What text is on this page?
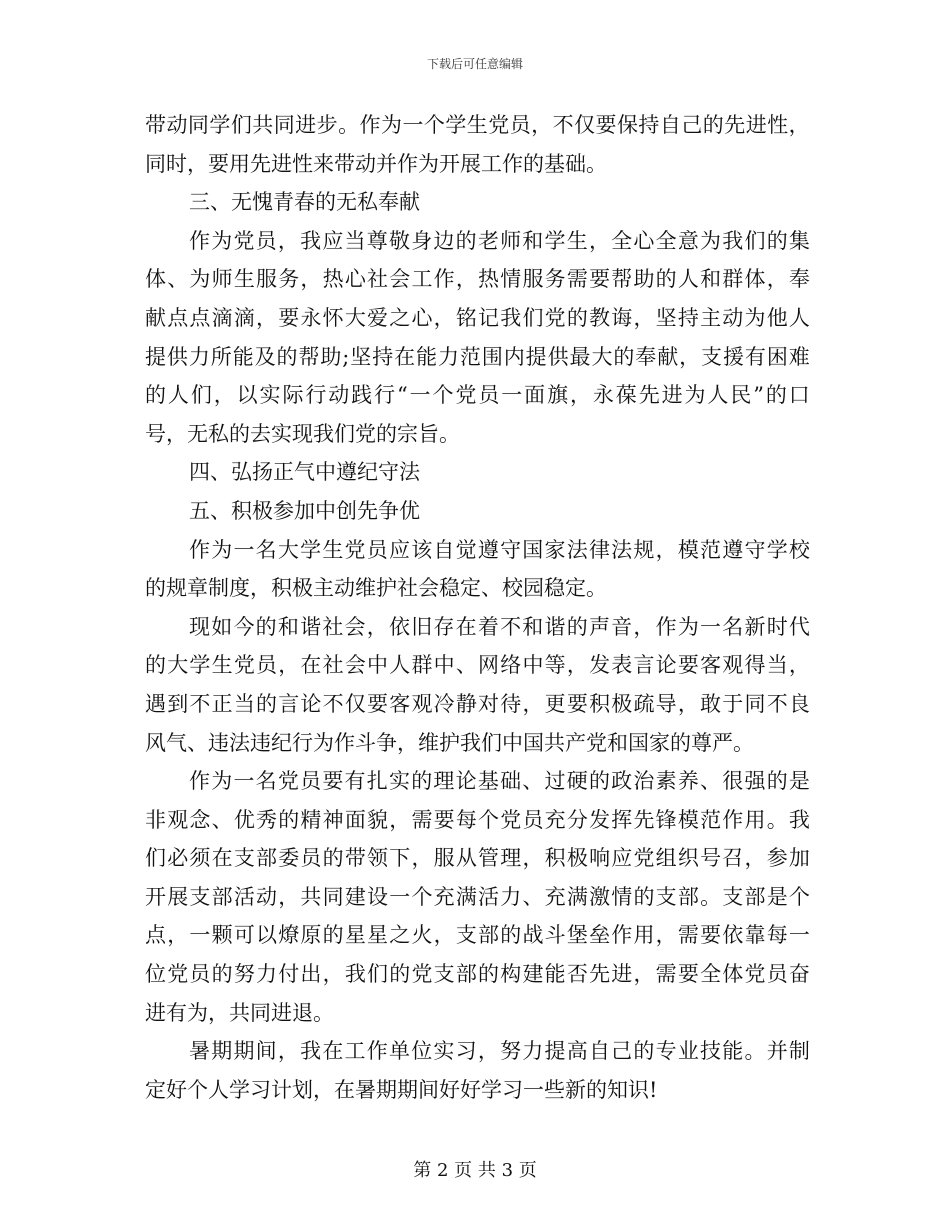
下载后可任意编辑
带 动 同 学 们 共 同 进 步 。 作 为 一 个 学 生 党 员 ， 不 仅 要 保 持 自 己 的 先 进 性 ，
同 时 ， 要 用 先 进 性 来 带 动 并 作 为 开 展 工 作 的 基 础 。
三 、 无 愧 青 春 的 无 私 奉 献
作 为 党 员 ， 我 应 当 尊 敬 身 边 的 老 师 和 学 生 ， 全 心 全 意 为 我 们 的 集
体 、 为 师 生 服 务 ， 热 心 社 会 工 作 ， 热 情 服 务 需 要 帮 助 的 人 和 群 体 ， 奉
献 点 点 滴 滴 ， 要 永 怀 大 爱 之 心 ， 铭 记 我 们 党 的 教 诲 ， 坚 持 主 动 为 他 人
提 供 力 所 能 及 的 帮 助 ; 坚 持 在 能 力 范 围 内 提 供 最 大 的 奉 献 ， 支 援 有 困 难
的 人 们 ， 以 实 际 行 动 践 行 “ 一 个 党 员 一 面 旗 ， 永 葆 先 进 为 人 民 ” 的 口
号 ， 无 私 的 去 实 现 我 们 党 的 宗 旨 。
四 、 弘 扬 正 气 中 遵 纪 守 法
五 、 积 极 参 加 中 创 先 争 优
作 为 一 名 大 学 生 党 员 应 该 自 觉 遵 守 国 家 法 律 法 规 ， 模 范 遵 守 学 校
的 规 章 制 度 ， 积 极 主 动 维 护 社 会 稳 定 、 校 园 稳 定 。
现 如 今 的 和 谐 社 会 ， 依 旧 存 在 着 不 和 谐 的 声 音 ， 作 为 一 名 新 时 代
的 大 学 生 党 员 ， 在 社 会 中 人 群 中 、 网 络 中 等 ， 发 表 言 论 要 客 观 得 当 ，
遇 到 不 正 当 的 言 论 不 仅 要 客 观 冷 静 对 待 ， 更 要 积 极 疏 导 ， 敢 于 同 不 良
风 气 、 违 法 违 纪 行 为 作 斗 争 ， 维 护 我 们 中 国 共 产 党 和 国 家 的 尊 严 。
作 为 一 名 党 员 要 有 扎 实 的 理 论 基 础 、 过 硬 的 政 治 素 养 、 很 强 的 是
非 观 念 、 优 秀 的 精 神 面 貌 ， 需 要 每 个 党 员 充 分 发 挥 先 锋 模 范 作 用 。 我
们 必 须 在 支 部 委 员 的 带 领 下 ， 服 从 管 理 ， 积 极 响 应 党 组 织 号 召 ， 参 加
开 展 支 部 活 动 ， 共 同 建 设 一 个 充 满 活 力 、 充 满 激 情 的 支 部 。 支 部 是 个
点 ， 一 颗 可 以 燎 原 的 星 星 之 火 ， 支 部 的 战 斗 堡 垒 作 用 ， 需 要 依 靠 每 一
位 党 员 的 努 力 付 出 ， 我 们 的 党 支 部 的 构 建 能 否 先 进 ， 需 要 全 体 党 员 奋
进 有 为 ， 共 同 进 退 。
暑 期 期 间 ， 我 在 工 作 单 位 实 习 ， 努 力 提 高 自 己 的 专 业 技 能 。 并 制
定 好 个 人 学 习 计 划 ， 在 暑 期 期 间 好 好 学 习 一 些 新 的 知 识 !
第 2 页 共 3 页
